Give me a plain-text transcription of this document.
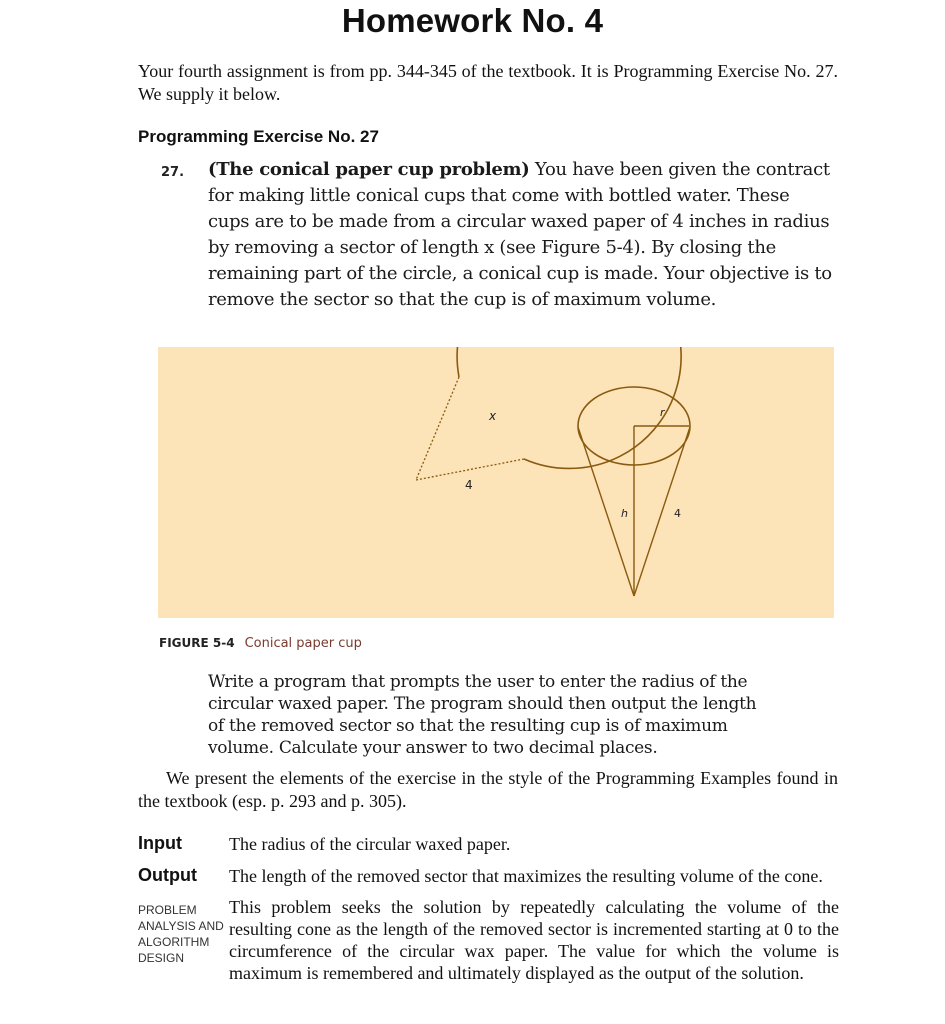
Homework No. 4
Your fourth assignment is from pp. 344-345 of the textbook. It is Programming Exercise No. 27. We supply it below.
Programming Exercise No. 27
27. (The conical paper cup problem) You have been given the contract for making little conical cups that come with bottled water. These cups are to be made from a circular waxed paper of 4 inches in radius by removing a sector of length x (see Figure 5-4). By closing the remaining part of the circle, a conical cup is made. Your objective is to remove the sector so that the cup is of maximum volume.
x
4
r
h	4
FIGURE 5-4 Conical paper cup
Write a program that prompts the user to enter the radius of the circular waxed paper. The program should then output the length of the removed sector so that the resulting cup is of maximum volume. Calculate your answer to two decimal places.
We present the elements of the exercise in the style of the Programming Examples found in the textbook (esp. p. 293 and p. 305).
Input	The radius of the circular waxed paper.
Output The length of the removed sector that maximizes the resulting volume of the cone.
PROBLEM ANALYSIS AND ALGORITHM DESIGN
This problem seeks the solution by repeatedly calculating the volume of the resulting cone as the length of the removed sector is incremented starting at 0 to the circumference of the circular wax paper. The value for which the volume is maximum is remembered and ultimately displayed as the output of the solution.
